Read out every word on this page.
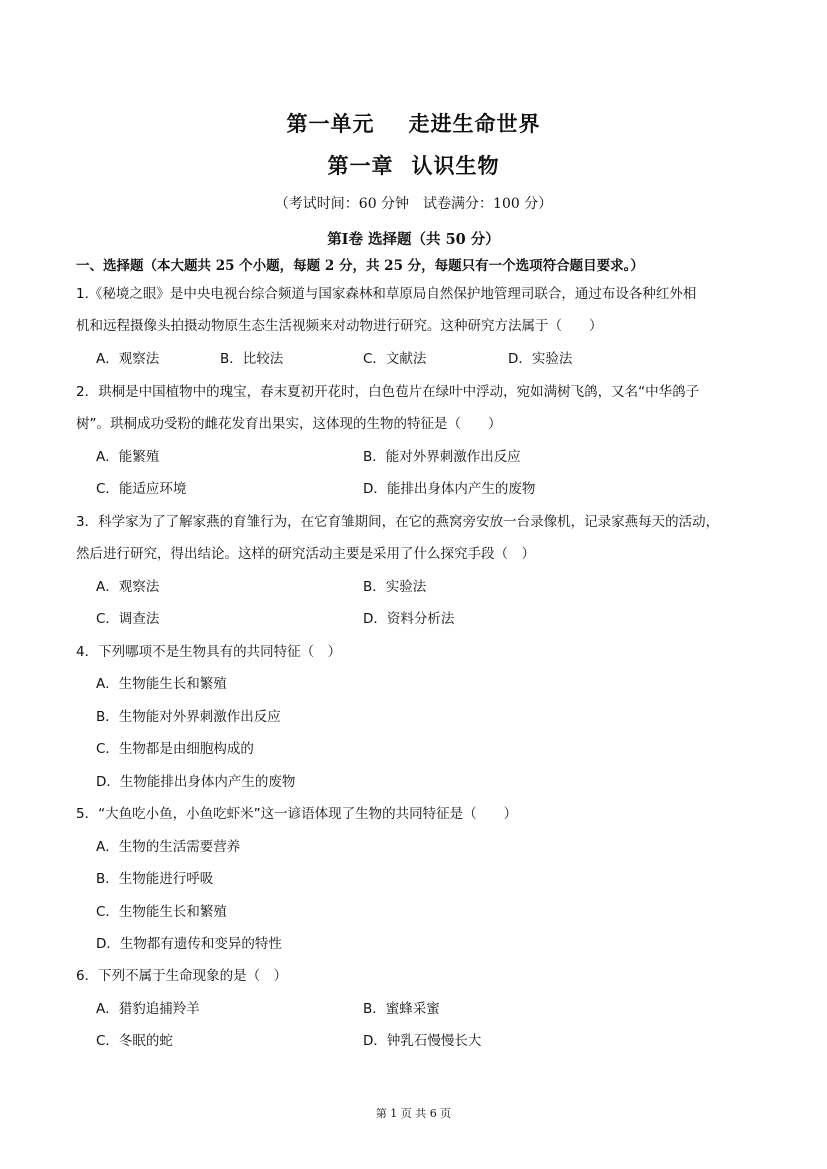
第一单元 走进生命世界
第一章 认识生物
（考试时间：60 分钟　试卷满分：100 分）
第Ⅰ卷 选择题（共 50 分）
一、选择题（本大题共 25 个小题，每题 2 分，共 25 分，每题只有一个选项符合题目要求。）
1.《秘境之眼》是中央电视台综合频道与国家森林和草原局自然保护地管理司联合，通过布设各种红外相
机和远程摄像头拍摄动物原生态生活视频来对动物进行研究。这种研究方法属于（　　）
A．观察法	B．比较法	C．文献法	D．实验法
2．珙桐是中国植物中的瑰宝，春末夏初开花时，白色苞片在绿叶中浮动，宛如满树飞鸽，又名“中华鸽子
树”。珙桐成功受粉的雌花发育出果实，这体现的生物的特征是（　　）
A．能繁殖	B．能对外界刺激作出反应
C．能适应环境	D．能排出身体内产生的废物
3．科学家为了了解家燕的育雏行为，在它育雏期间，在它的燕窝旁安放一台录像机，记录家燕每天的活动，
然后进行研究，得出结论。这样的研究活动主要是采用了什么探究手段（　）
A．观察法	B．实验法
C．调查法	D．资料分析法
4．下列哪项不是生物具有的共同特征（　）
A．生物能生长和繁殖
B．生物能对外界刺激作出反应
C．生物都是由细胞构成的
D．生物能排出身体内产生的废物
5．“大鱼吃小鱼，小鱼吃虾米”这一谚语体现了生物的共同特征是（　　）
A．生物的生活需要营养
B．生物能进行呼吸
C．生物能生长和繁殖
D．生物都有遗传和变异的特性
6．下列不属于生命现象的是（　）
A．猎豹追捕羚羊	B．蜜蜂采蜜
C．冬眠的蛇	D．钟乳石慢慢长大
第 1 页 共 6 页
